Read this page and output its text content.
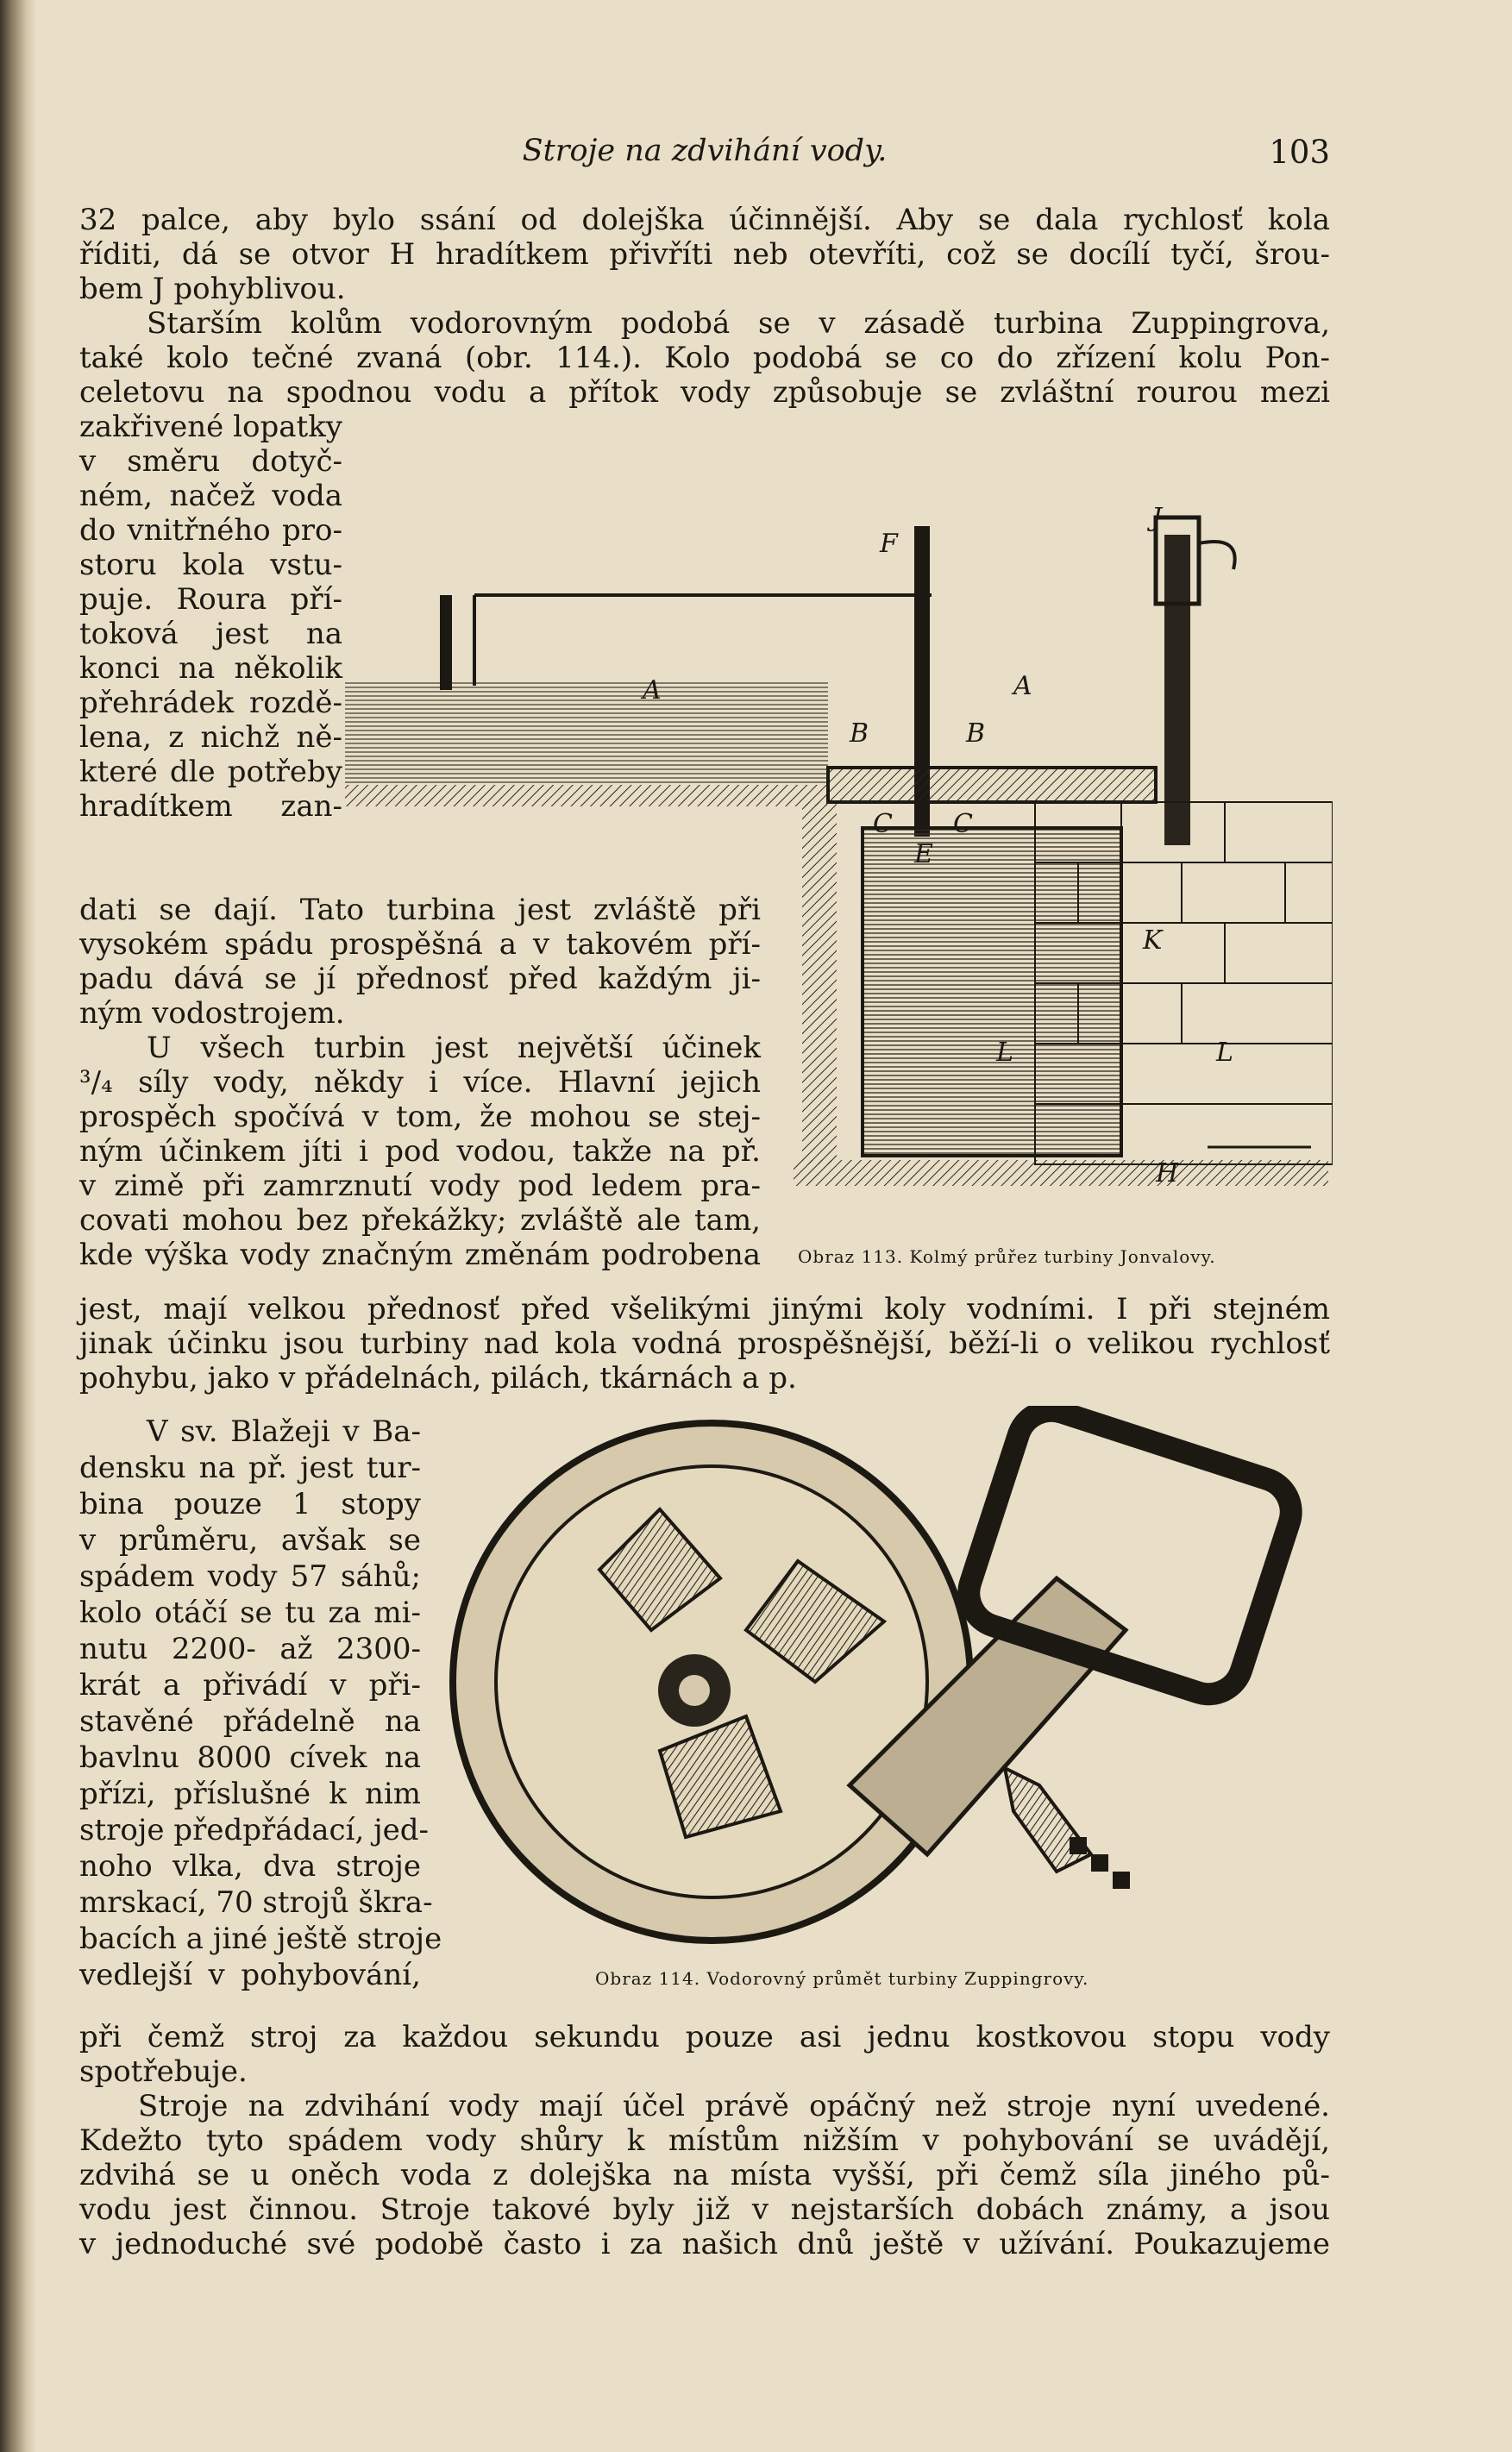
Stroje na zdvihání vody.	103
32 palce, aby bylo ssání od dolejška účinnější. Aby se dala rychlosť kola
říditi, dá se otvor H hradítkem přivříti neb otevříti, což se docílí tyčí, šrou-
bem J pohyblivou.
Starším kolům vodorovným podobá se v zásadě turbina Zuppingrova,
také kolo tečné zvaná (obr. 114.). Kolo podobá se co do zřízení kolu Pon-
celetovu na spodnou vodu a přítok vody způsobuje se zvláštní rourou mezi
zakřivené lopatky
v směru dotyč-
ném, načež voda
do vnitřného pro-
storu kola vstu-
puje. Roura pří-
toková jest na
konci na několik
přehrádek rozdě-
lena, z nichž ně-
které dle potřeby
hradítkem zan-
dati se dají. Tato turbina jest zvláště při
vysokém spádu prospěšná a v takovém pří-
padu dává se jí přednosť před každým ji-
ným vodostrojem.
U všech turbin jest největší účinek
³/₄ síly vody, někdy i více. Hlavní jejich
prospěch spočívá v tom, že mohou se stej-
ným účinkem jíti i pod vodou, takže na př.
v zimě při zamrznutí vody pod ledem pra-
covati mohou bez překážky; zvláště ale tam,
kde výška vody značným změnám podrobena
jest, mají velkou přednosť před všelikými jinými koly vodními. I při stejném
jinak účinku jsou turbiny nad kola vodná prospěšnější, běží-li o velikou rychlosť
pohybu, jako v přádelnách, pilách, tkárnách a p.
V sv. Blažeji v Ba-
densku na př. jest tur-
bina pouze 1 stopy
v průměru, avšak se
spádem vody 57 sáhů;
kolo otáčí se tu za mi-
nutu 2200- až 2300-
krát a přivádí v při-
stavěné přádelně na
bavlnu 8000 cívek na
přízi, příslušné k nim
stroje předpřádací, jed-
noho vlka, dva stroje
mrskací, 70 strojů škra-
bacích a jiné ještě stroje
vedlejší v pohybování,
při čemž stroj za každou sekundu pouze asi jednu kostkovou stopu vody
spotřebuje.
Stroje na zdvihání vody mají účel právě opáčný než stroje nyní uvedené.
Kdežto tyto spádem vody shůry k místům nižším v pohybování se uvádějí,
zdvihá se u oněch voda z dolejška na místa vyšší, při čemž síla jiného pů-
vodu jest činnou. Stroje takové byly již v nejstarších dobách známy, a jsou
v jednoduché své podobě často i za našich dnů ještě v užívání. Poukazujeme
F
J
A	A
B	B
C C
E
K
L	L
H
Obraz 113. Kolmý průřez turbiny Jonvalovy.
Obraz 114. Vodorovný průmět turbiny Zuppingrovy.
